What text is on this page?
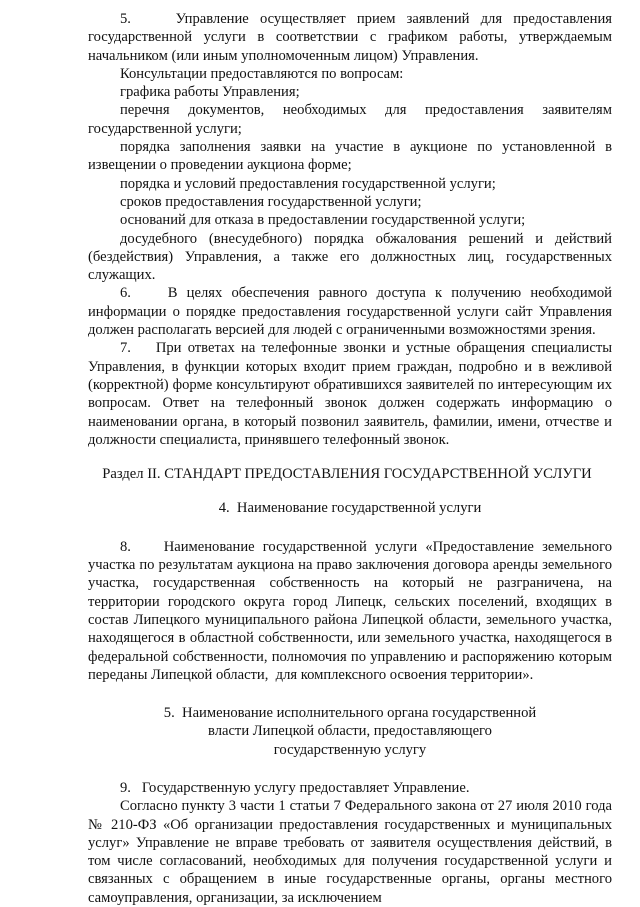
5.    Управление осуществляет прием заявлений для предоставления государственной услуги в соответствии с графиком работы, утверждаемым начальником (или иным уполномоченным лицом) Управления.

Консультации предоставляются по вопросам:

графика работы Управления;

перечня документов, необходимых для предоставления заявителям государственной услуги;

порядка заполнения заявки на участие в аукционе по установленной в извещении о проведении аукциона форме;

порядка и условий предоставления государственной услуги;

сроков предоставления государственной услуги;

оснований для отказа в предоставлении государственной услуги;

досудебного (внесудебного) порядка обжалования решений и действий (бездействия) Управления, а также его должностных лиц, государственных служащих.

6.    В целях обеспечения равного доступа к получению необходимой информации о порядке предоставления государственной услуги сайт Управления должен располагать версией для людей с ограниченными возможностями зрения.

7.    При ответах на телефонные звонки и устные обращения специалисты Управления, в функции которых входит прием граждан, подробно и в вежливой (корректной) форме консультируют обратившихся заявителей по интересующим их вопросам. Ответ на телефонный звонок должен содержать информацию о наименовании органа, в который позвонил заявитель, фамилии, имени, отчестве и должности специалиста, принявшего телефонный звонок.

Раздел II. СТАНДАРТ ПРЕДОСТАВЛЕНИЯ ГОСУДАРСТВЕННОЙ УСЛУГИ

4.  Наименование государственной услуги

8.    Наименование государственной услуги «Предоставление земельного участка по результатам аукциона на право заключения договора аренды земельного участка, государственная собственность на который не разграничена, на территории городского округа город Липецк, сельских поселений, входящих в состав Липецкого муниципального района Липецкой области, земельного участка, находящегося в областной собственности, или земельного участка, находящегося в федеральной собственности, полномочия по управлению и распоряжению которым переданы Липецкой области,  для комплексного освоения территории».

5.  Наименование исполнительного органа государственной
власти Липецкой области, предоставляющего
государственную услугу

9.   Государственную услугу предоставляет Управление.

Согласно пункту 3 части 1 статьи 7 Федерального закона от 27 июля 2010 года № 210-ФЗ «Об организации предоставления государственных и муниципальных услуг» Управление не вправе требовать от заявителя осуществления действий, в том числе согласований, необходимых для получения государственной услуги и связанных с обращением в иные государственные органы, органы местного самоуправления, организации, за исключением
